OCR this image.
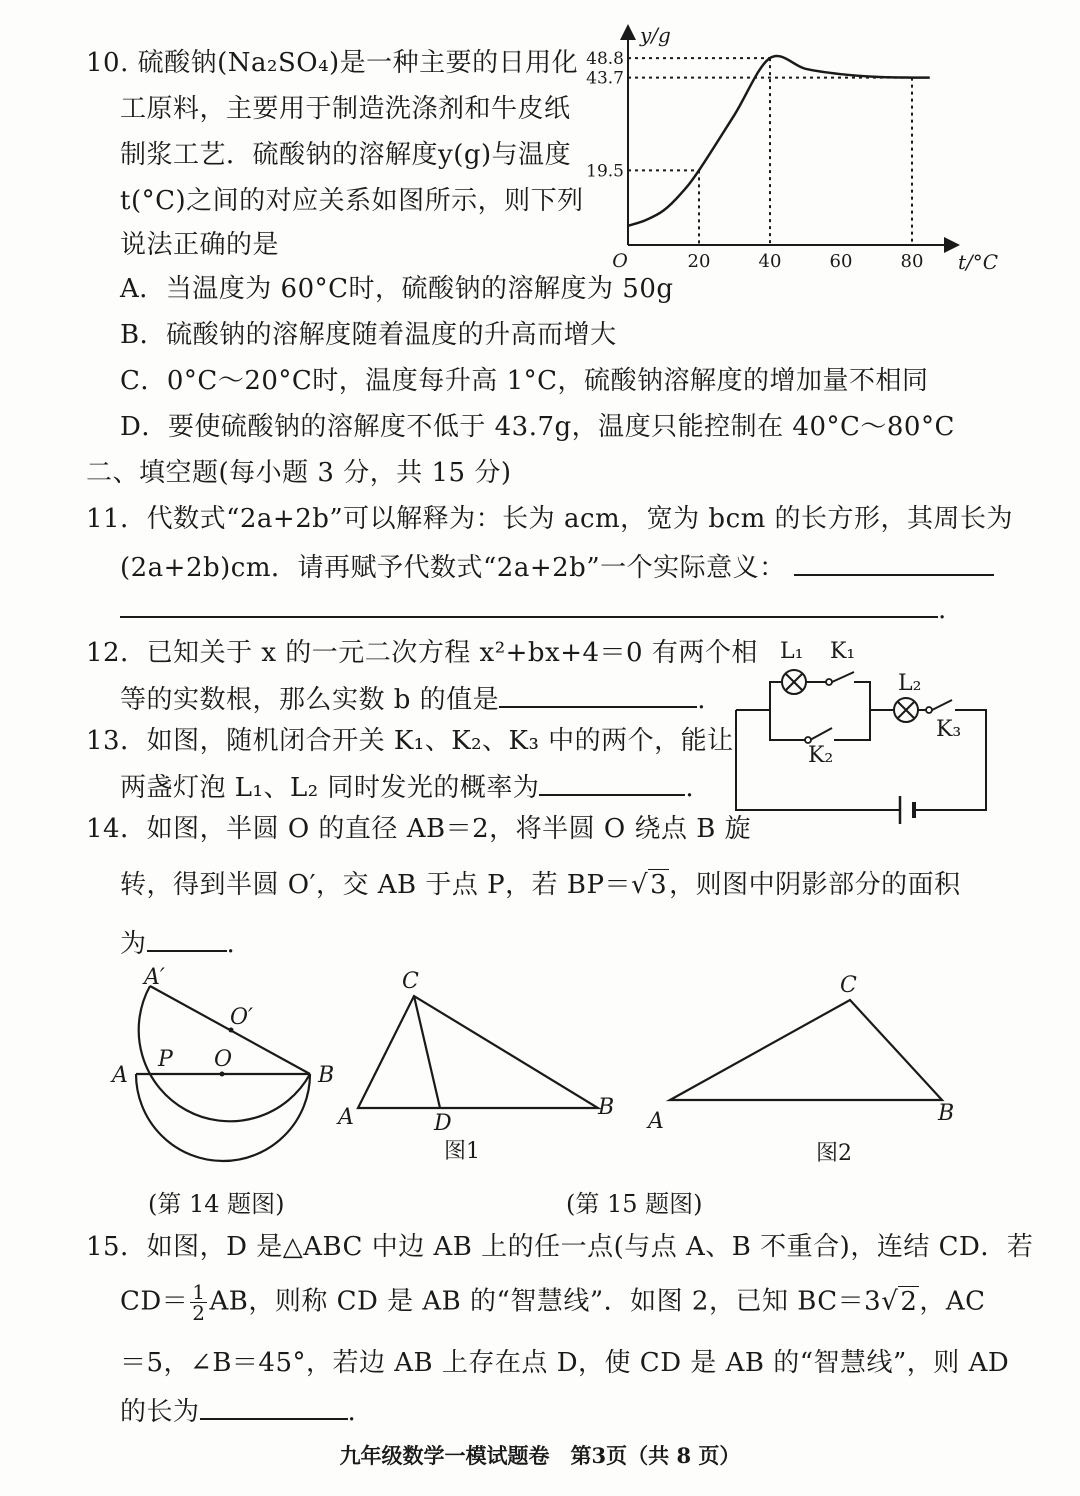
10. 硫酸钠(Na₂SO₄)是一种主要的日用化
工原料，主要用于制造洗涤剂和牛皮纸
制浆工艺．硫酸钠的溶解度y(g)与温度
t(°C)之间的对应关系如图所示，则下列
说法正确的是
19.5
43.7
48.8
20	40	60	80
O
y/g
t/°C
A．当温度为 60°C时，硫酸钠的溶解度为 50g
B．硫酸钠的溶解度随着温度的升高而增大
C．0°C～20°C时，温度每升高 1°C，硫酸钠溶解度的增加量不相同
D．要使硫酸钠的溶解度不低于 43.7g，温度只能控制在 40°C～80°C
二、填空题(每小题 3 分，共 15 分)
11．代数式“2a+2b”可以解释为：长为 acm，宽为 bcm 的长方形，其周长为
(2a+2b)cm．请再赋予代数式“2a+2b”一个实际意义：
.
12．已知关于 x 的一元二次方程 x²+bx+4＝0 有两个相
等的实数根，那么实数 b 的值是	.
13．如图，随机闭合开关 K₁、K₂、K₃ 中的两个，能让
两盏灯泡 L₁、L₂ 同时发光的概率为	.
L₁ K₁
L₂
K₂
K₃
14．如图，半圆 O 的直径 AB＝2，将半圆 O 绕点 B 旋
转，得到半圆 O′，交 AB 于点 P，若 BP＝√3，则图中阴影部分的面积
为	.
A′
O′
A
P O
B
(第 14 题图)
C
A	D
B
图1
C
A	B
图2
(第 15 题图)
15．如图，D 是△ABC 中边 AB 上的任一点(与点 A、B 不重合)，连结 CD．若
$CD= \frac{1}{2}$ AB，则称 CD 是 AB 的“智慧线”．如图 2，已知 BC＝3√2，AC
＝5，∠B＝45°，若边 AB 上存在点 D，使 CD 是 AB 的“智慧线”，则 AD
的长为	.
九年级数学一模试题卷　第3页（共 8 页）
